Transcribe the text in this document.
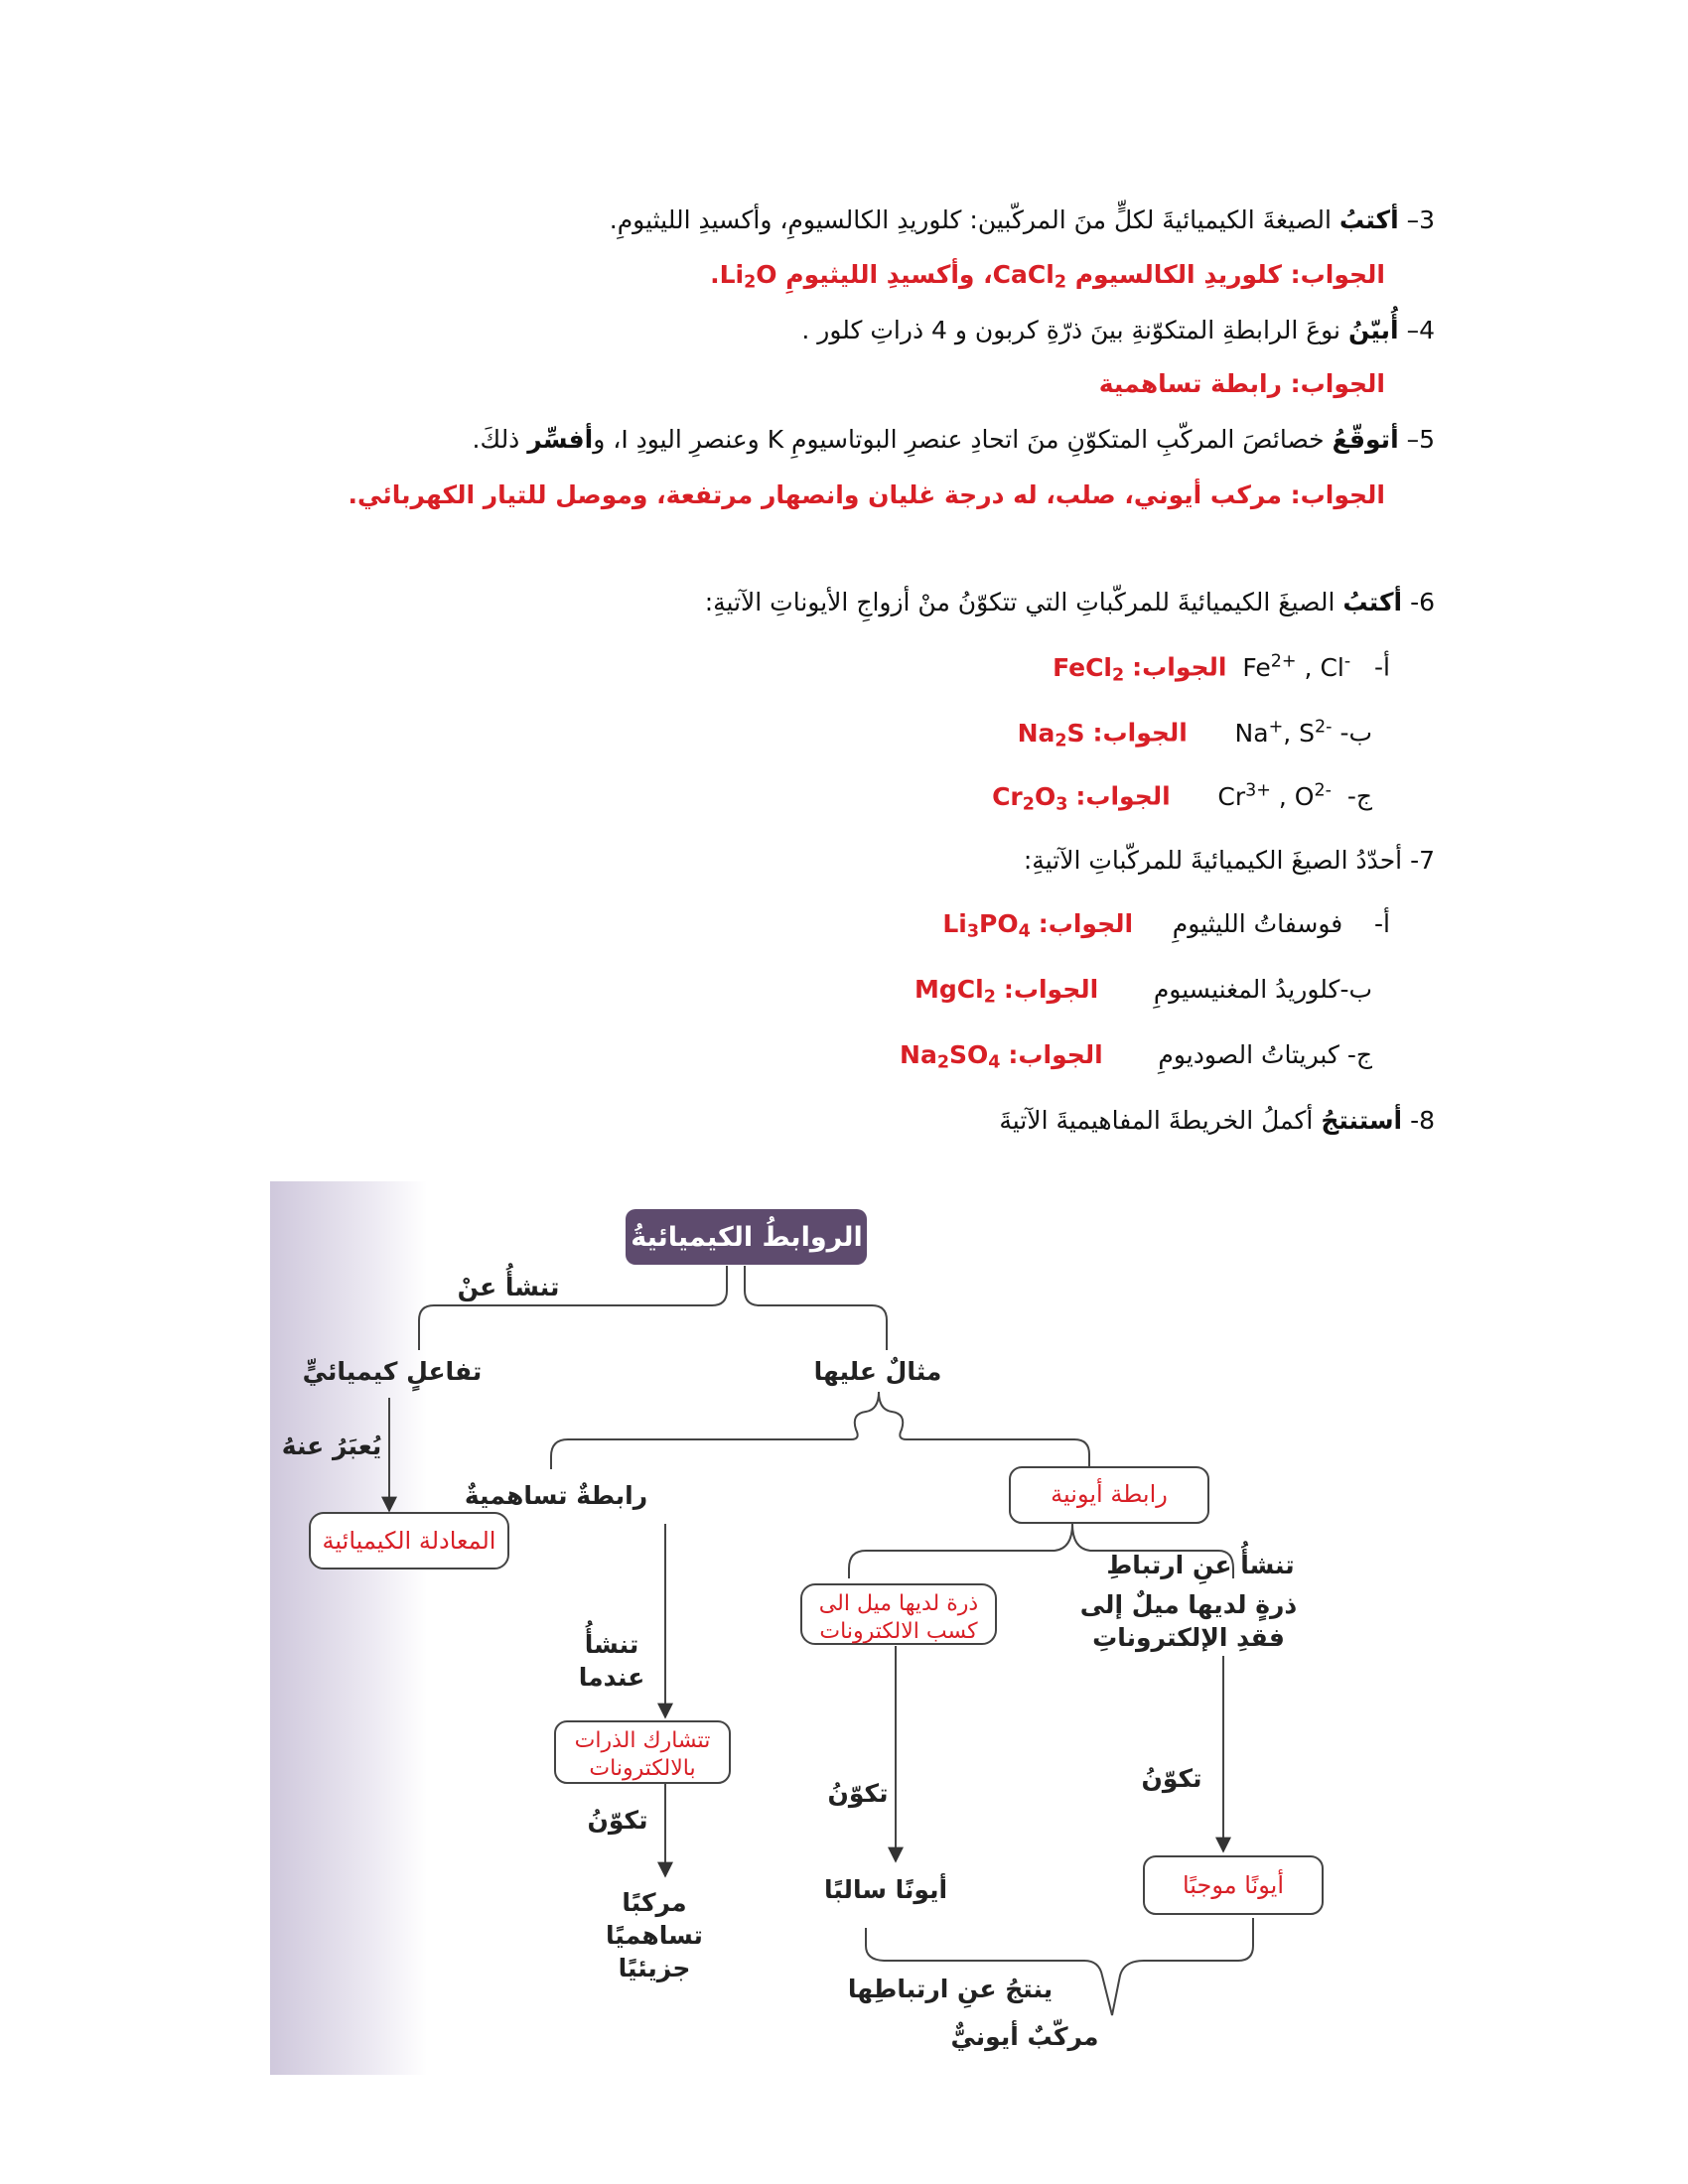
3– أكتبُ الصيغةَ الكيميائيةَ لكلٍّ منَ المركّبين: كلوريدِ الكالسيومِ، وأكسيدِ الليثيومِ.
الجواب: كلوريدِ الكالسيوم CaCl$_2$، وأكسيدِ الليثيومِ $Li_2O$.
4– أُبيّنُ نوعَ الرابطةِ المتكوّنةِ بينَ ذرّةِ كربون و 4 ذراتِ كلور .
الجواب: رابطة تساهمية
5– أتوقّعُ خصائصَ المركّبِ المتكوّنِ منَ اتحادِ عنصرِ البوتاسيومِ K وعنصرِ اليودِ I، وأفسِّر ذلكَ.
الجواب: مركب أيوني، صلب، له درجة غليان وانصهار مرتفعة، وموصل للتيار الكهربائي.
6- أكتبُ الصيغَ الكيميائيةَ للمركّباتِ التي تتكوّنُ منْ أزواجِ الأيوناتِ الآتيةِ:
أ-   $Fe^{2+}$ , Cl-  الجواب: FeCl$_2$
ب- Na+, $S^{2-}$      الجواب: $Na_2S$
ج-  $Cr^{3+}$ , $O^{2-}$      الجواب: $Cr_2O_3$
7- أحدّدُ الصيغَ الكيميائيةَ للمركّباتِ الآتيةِ:
أ-    فوسفاتُ الليثيومِ     الجواب: $Li_3PO_4$
ب-كلوريدُ المغنيسيومِ       الجواب: MgCl$_2$
ج- كبريتاتُ الصوديومِ       الجواب: $Na_2SO_4$
8- أستنتجُ أكملُ الخريطةَ المفاهيميةَ الآتيةَ
الروابطُ الكيميائيةُ
تنشأُ عنْ
تفاعلٍ كيميائيٍّ	مثالٌ عليها
يُعبَرُ عنهُ
المعادلة الكيميائية
رابطةٌ تساهميةٌ	رابطة أيونية
تنشأُ
عندما
تتشارك الذرات
بالالكترونات
تكوّنُ
مركبًا
تساهميًا
جزيئيًا
تنشأُ عنِ ارتباطِ
ذرة لديها ميل الى
كسب الالكترونات
ذرةٍ لديها ميلٌ إلى
فقدِ الإلكتروناتِ
تكوّنُ
تكوّنُ
أيونًا سالبًا	أيونًا موجبًا
ينتجُ عنِ ارتباطِها
مركّبٌ أيونيٌّ
